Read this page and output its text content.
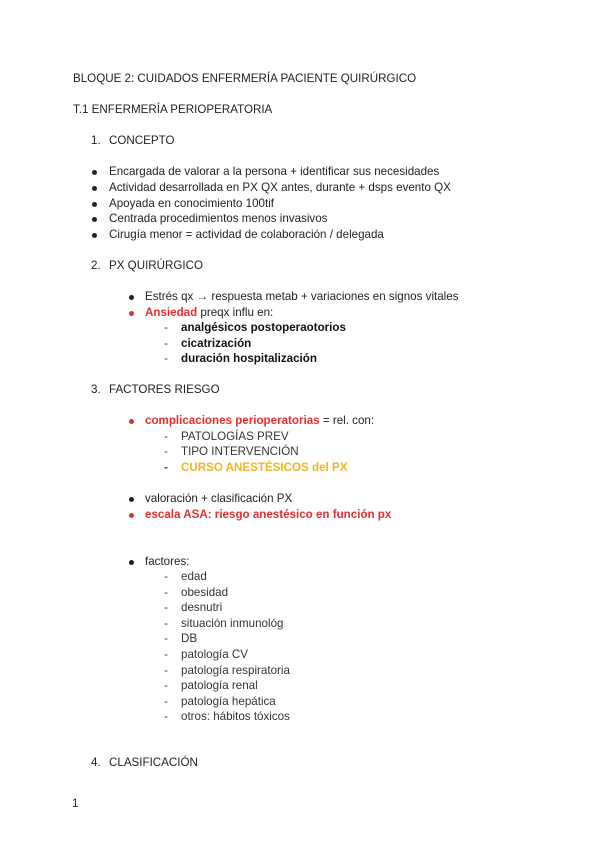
BLOQUE 2: CUIDADOS ENFERMERÍA PACIENTE QUIRÚRGICO
T.1 ENFERMERÍA PERIOPERATORIA
1. CONCEPTO
Encargada de valorar a la persona + identificar sus necesidades
Actividad desarrollada en PX QX antes, durante + dsps evento QX
Apoyada en conocimiento 100tif
Centrada procedimientos menos invasivos
Cirugía menor = actividad de colaboración / delegada
2. PX QUIRÚRGICO
Estrés qx → respuesta metab + variaciones en signos vitales
Ansiedad preqx influ en:
- analgésicos postoperaotorios
- cicatrización
- duración hospitalización
3. FACTORES RIESGO
complicaciones perioperatorias = rel. con:
- PATOLOGÍAS PREV
- TIPO INTERVENCIÓN
- CURSO ANESTÉSICOS del PX
valoración + clasificación PX
escala ASA: riesgo anestésico en función px
factores:
- edad
- obesidad
- desnutri
- situación inmunológ
- DB
- patología CV
- patología respiratoria
- patología renal
- patología hepática
- otros: hábitos tóxicos
4. CLASIFICACIÓN
1
